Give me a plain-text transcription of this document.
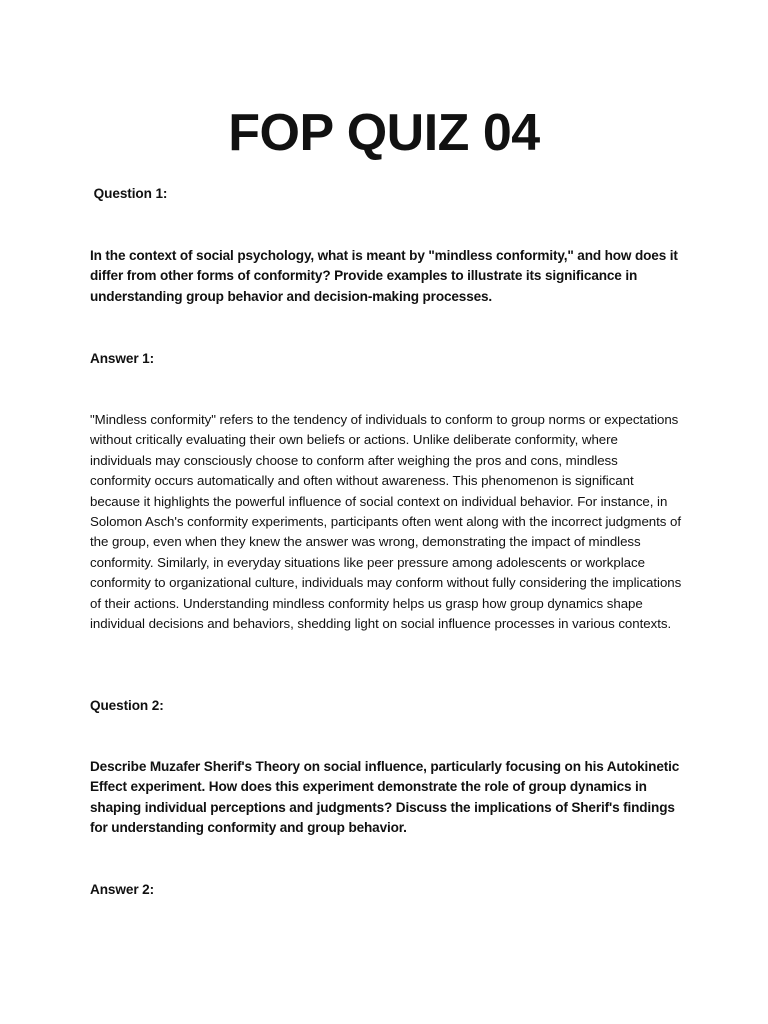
FOP QUIZ 04

Question 1:

In the context of social psychology, what is meant by "mindless conformity," and how does it differ from other forms of conformity? Provide examples to illustrate its significance in understanding group behavior and decision-making processes.

Answer 1:

"Mindless conformity" refers to the tendency of individuals to conform to group norms or expectations without critically evaluating their own beliefs or actions. Unlike deliberate conformity, where individuals may consciously choose to conform after weighing the pros and cons, mindless conformity occurs automatically and often without awareness. This phenomenon is significant because it highlights the powerful influence of social context on individual behavior. For instance, in Solomon Asch's conformity experiments, participants often went along with the incorrect judgments of the group, even when they knew the answer was wrong, demonstrating the impact of mindless conformity. Similarly, in everyday situations like peer pressure among adolescents or workplace conformity to organizational culture, individuals may conform without fully considering the implications of their actions. Understanding mindless conformity helps us grasp how group dynamics shape individual decisions and behaviors, shedding light on social influence processes in various contexts.

Question 2:

Describe Muzafer Sherif's Theory on social influence, particularly focusing on his Autokinetic Effect experiment. How does this experiment demonstrate the role of group dynamics in shaping individual perceptions and judgments? Discuss the implications of Sherif's findings for understanding conformity and group behavior.

Answer 2:
